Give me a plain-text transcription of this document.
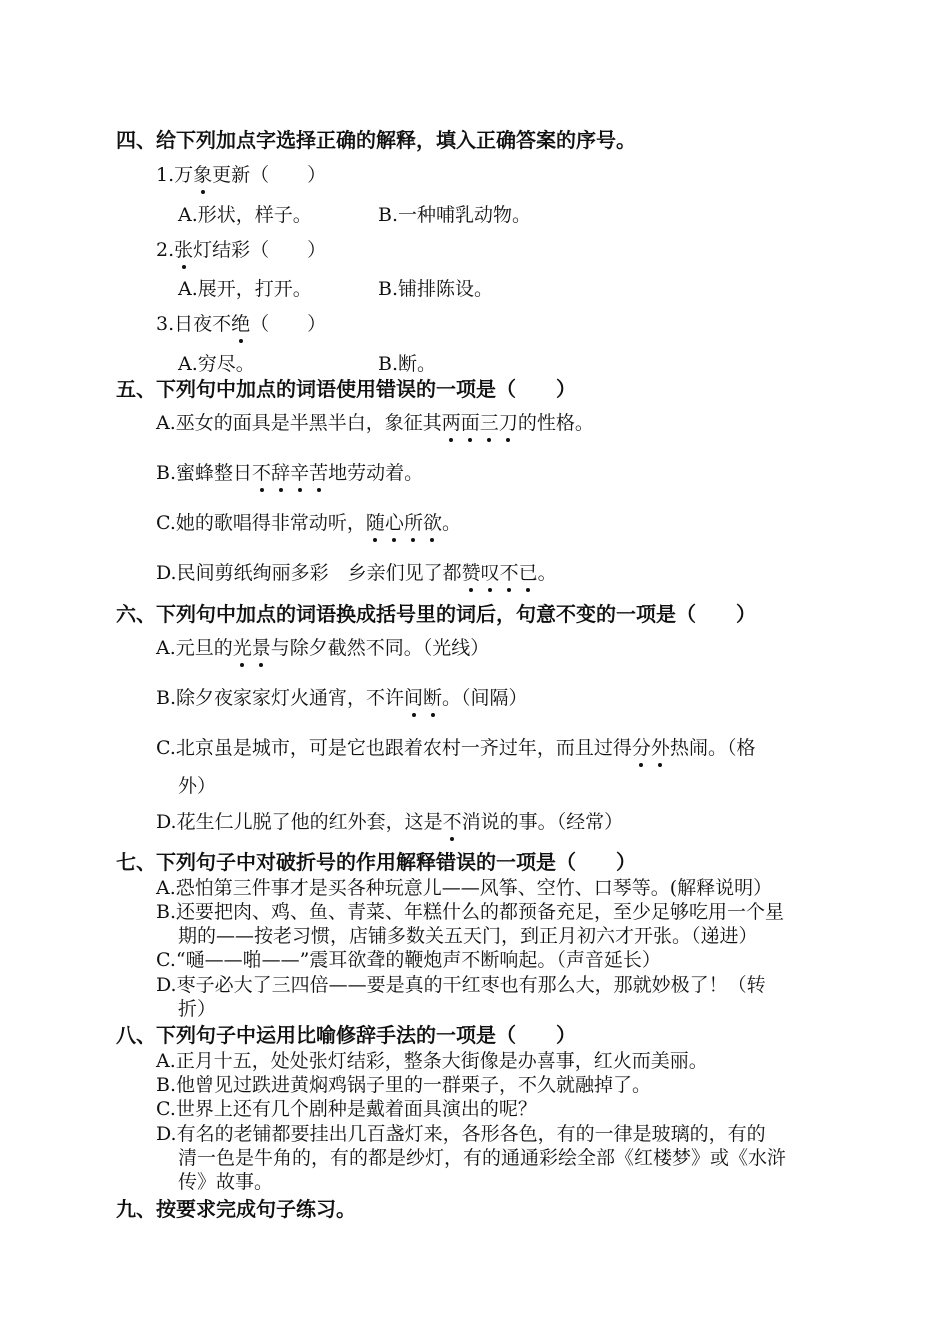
四、给下列加点字选择正确的解释，填入正确答案的序号。
1.万象更新（　　）
A.形状，样子。	B.一种哺乳动物。
2.张灯结彩（　　）
A.展开，打开。	B.铺排陈设。
3.日夜不绝（　　）
A.穷尽。	B.断。
五、下列句中加点的词语使用错误的一项是（　　）
A.巫女的面具是半黑半白，象征其两面三刀的性格。
B.蜜蜂整日不辞辛苦地劳动着。
C.她的歌唱得非常动听，随心所欲。
D.民间剪纸绚丽多彩　乡亲们见了都赞叹不已。
六、下列句中加点的词语换成括号里的词后，句意不变的一项是（　　）
A.元旦的光景与除夕截然不同。（光线）
B.除夕夜家家灯火通宵，不许间断。（间隔）
C.北京虽是城市，可是它也跟着农村一齐过年，而且过得分外热闹。（格
外）
D.花生仁儿脱了他的红外套，这是不消说的事。（经常）
七、下列句子中对破折号的作用解释错误的一项是（　　）
A.恐怕第三件事才是买各种玩意儿——风筝、空竹、口琴等。(解释说明）
B.还要把肉、鸡、鱼、青菜、年糕什么的都预备充足，至少足够吃用一个星
期的——按老习惯，店铺多数关五天门，到正月初六才开张。（递进）
C.“嗵——啪——”震耳欲聋的鞭炮声不断响起。（声音延长）
D.枣子必大了三四倍——要是真的干红枣也有那么大，那就妙极了！（转
折）
八、下列句子中运用比喻修辞手法的一项是（　　）
A.正月十五，处处张灯结彩，整条大街像是办喜事，红火而美丽。
B.他曾见过跌进黄焖鸡锅子里的一群栗子，不久就融掉了。
C.世界上还有几个剧种是戴着面具演出的呢？
D.有名的老铺都要挂出几百盏灯来，各形各色，有的一律是玻璃的，有的
清一色是牛角的，有的都是纱灯，有的通通彩绘全部《红楼梦》或《水浒
传》故事。
九、按要求完成句子练习。
